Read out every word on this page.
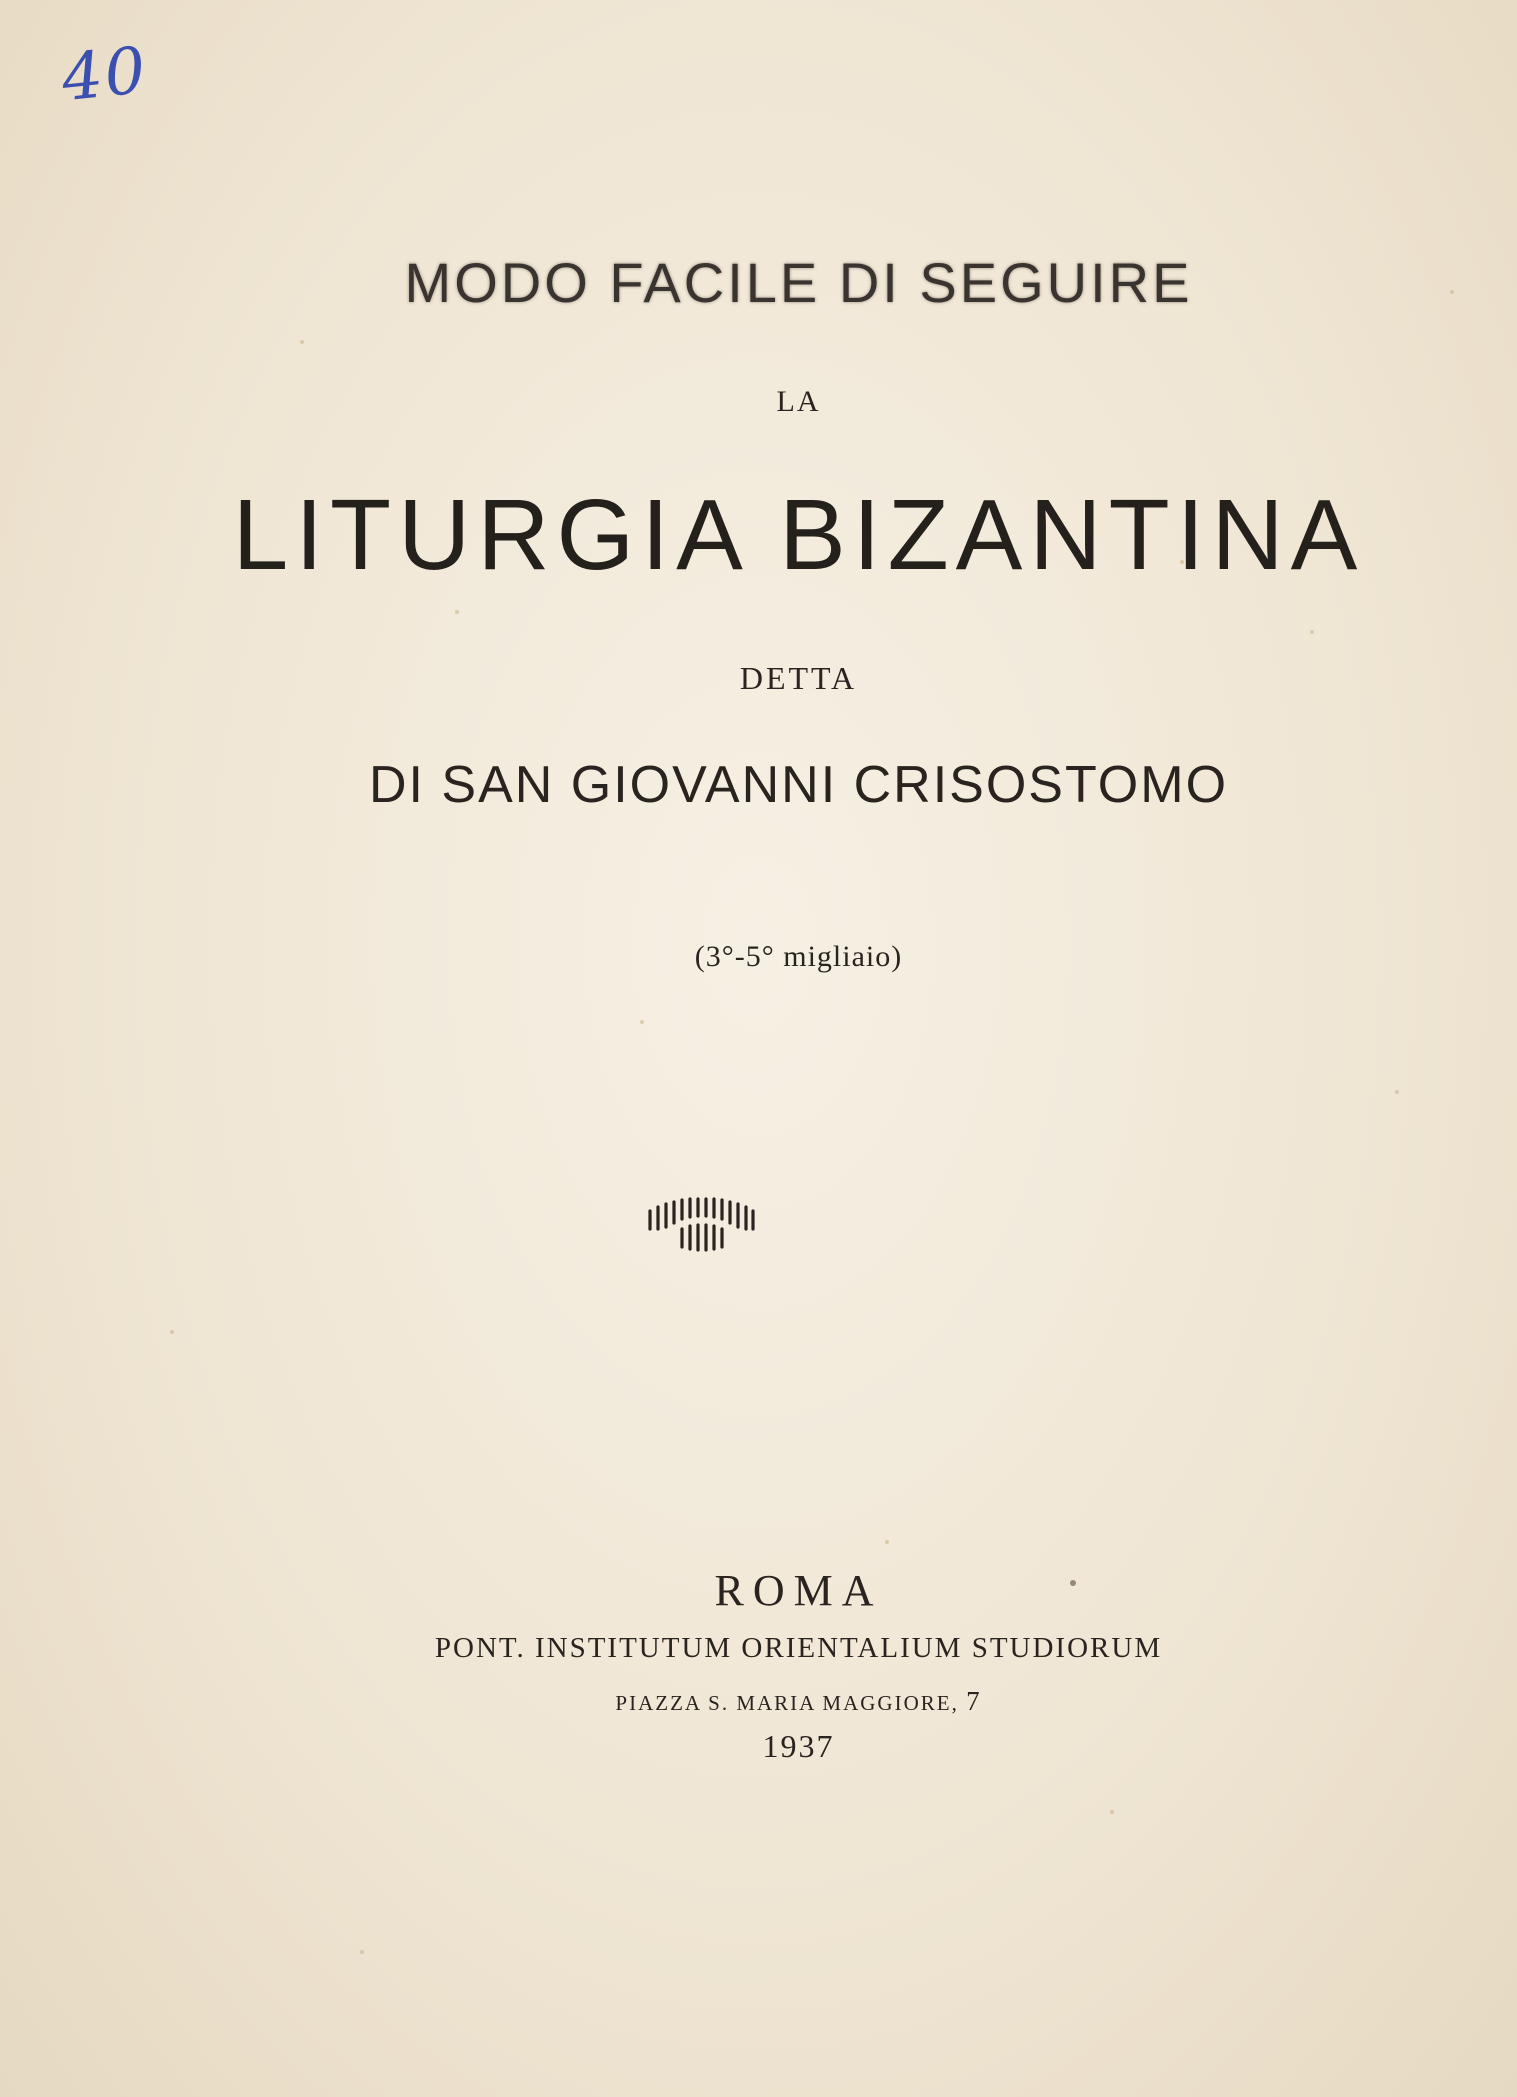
40
MODO FACILE DI SEGUIRE
LA
LITURGIA BIZANTINA
DETTA
DI SAN GIOVANNI CRISOSTOMO
(3°-5° migliaio)
ROMA
PONT. INSTITUTUM ORIENTALIUM STUDIORUM
PIAZZA S. MARIA MAGGIORE, 7
1937
